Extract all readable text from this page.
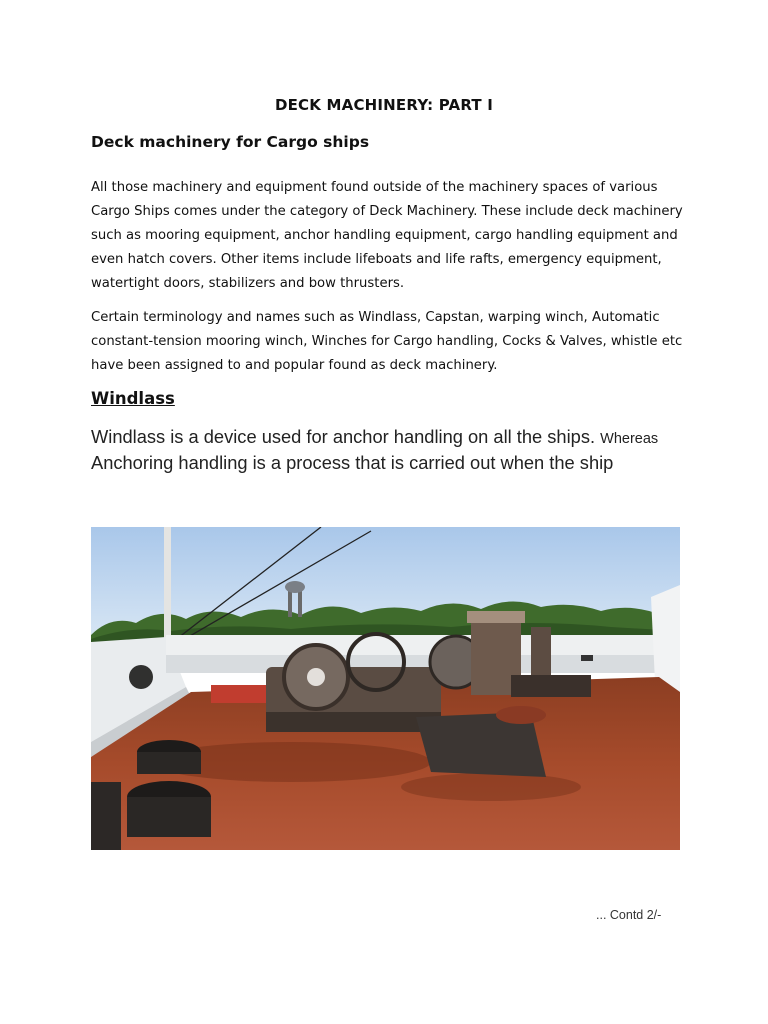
DECK MACHINERY: PART I
Deck machinery for Cargo ships

All those machinery and equipment found outside of the machinery spaces of various Cargo Ships comes under the category of Deck Machinery. These include deck machinery such as mooring equipment, anchor handling equipment, cargo handling equipment and even hatch covers. Other items include lifeboats and life rafts, emergency equipment, watertight doors, stabilizers and bow thrusters.

Certain terminology and names such as Windlass, Capstan, warping winch, Automatic constant-tension mooring winch, Winches for Cargo handling, Cocks & Valves, whistle etc have been assigned to and popular found as deck machinery.

Windlass

Windlass is a device used for anchor handling on all the ships. Whereas
Anchoring handling is a process that is carried out when the ship

... Contd 2/-
